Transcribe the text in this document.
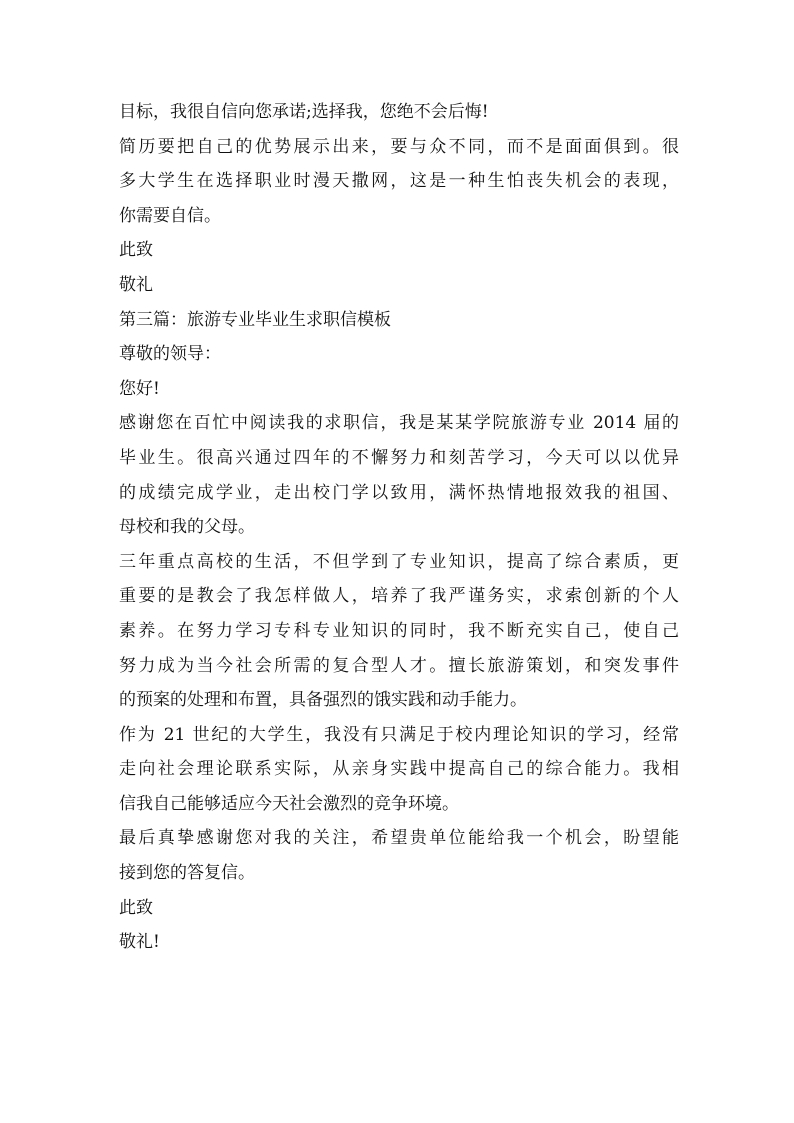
目标，我很自信向您承诺;选择我，您绝不会后悔!

简历要把自己的优势展示出来，要与众不同，而不是面面俱到。很
多大学生在选择职业时漫天撒网，这是一种生怕丧失机会的表现，
你需要自信。

此致

敬礼

第三篇：旅游专业毕业生求职信模板

尊敬的领导：

您好!

感谢您在百忙中阅读我的求职信，我是某某学院旅游专业 2014 届的
毕业生。很高兴通过四年的不懈努力和刻苦学习，今天可以以优异
的成绩完成学业，走出校门学以致用，满怀热情地报效我的祖国、
母校和我的父母。

三年重点高校的生活，不但学到了专业知识，提高了综合素质，更
重要的是教会了我怎样做人，培养了我严谨务实，求索创新的个人
素养。在努力学习专科专业知识的同时，我不断充实自己，使自己
努力成为当今社会所需的复合型人才。擅长旅游策划，和突发事件
的预案的处理和布置，具备强烈的饿实践和动手能力。

作为 21 世纪的大学生，我没有只满足于校内理论知识的学习，经常
走向社会理论联系实际，从亲身实践中提高自己的综合能力。我相
信我自己能够适应今天社会激烈的竞争环境。

最后真挚感谢您对我的关注，希望贵单位能给我一个机会，盼望能
接到您的答复信。

此致

敬礼!
